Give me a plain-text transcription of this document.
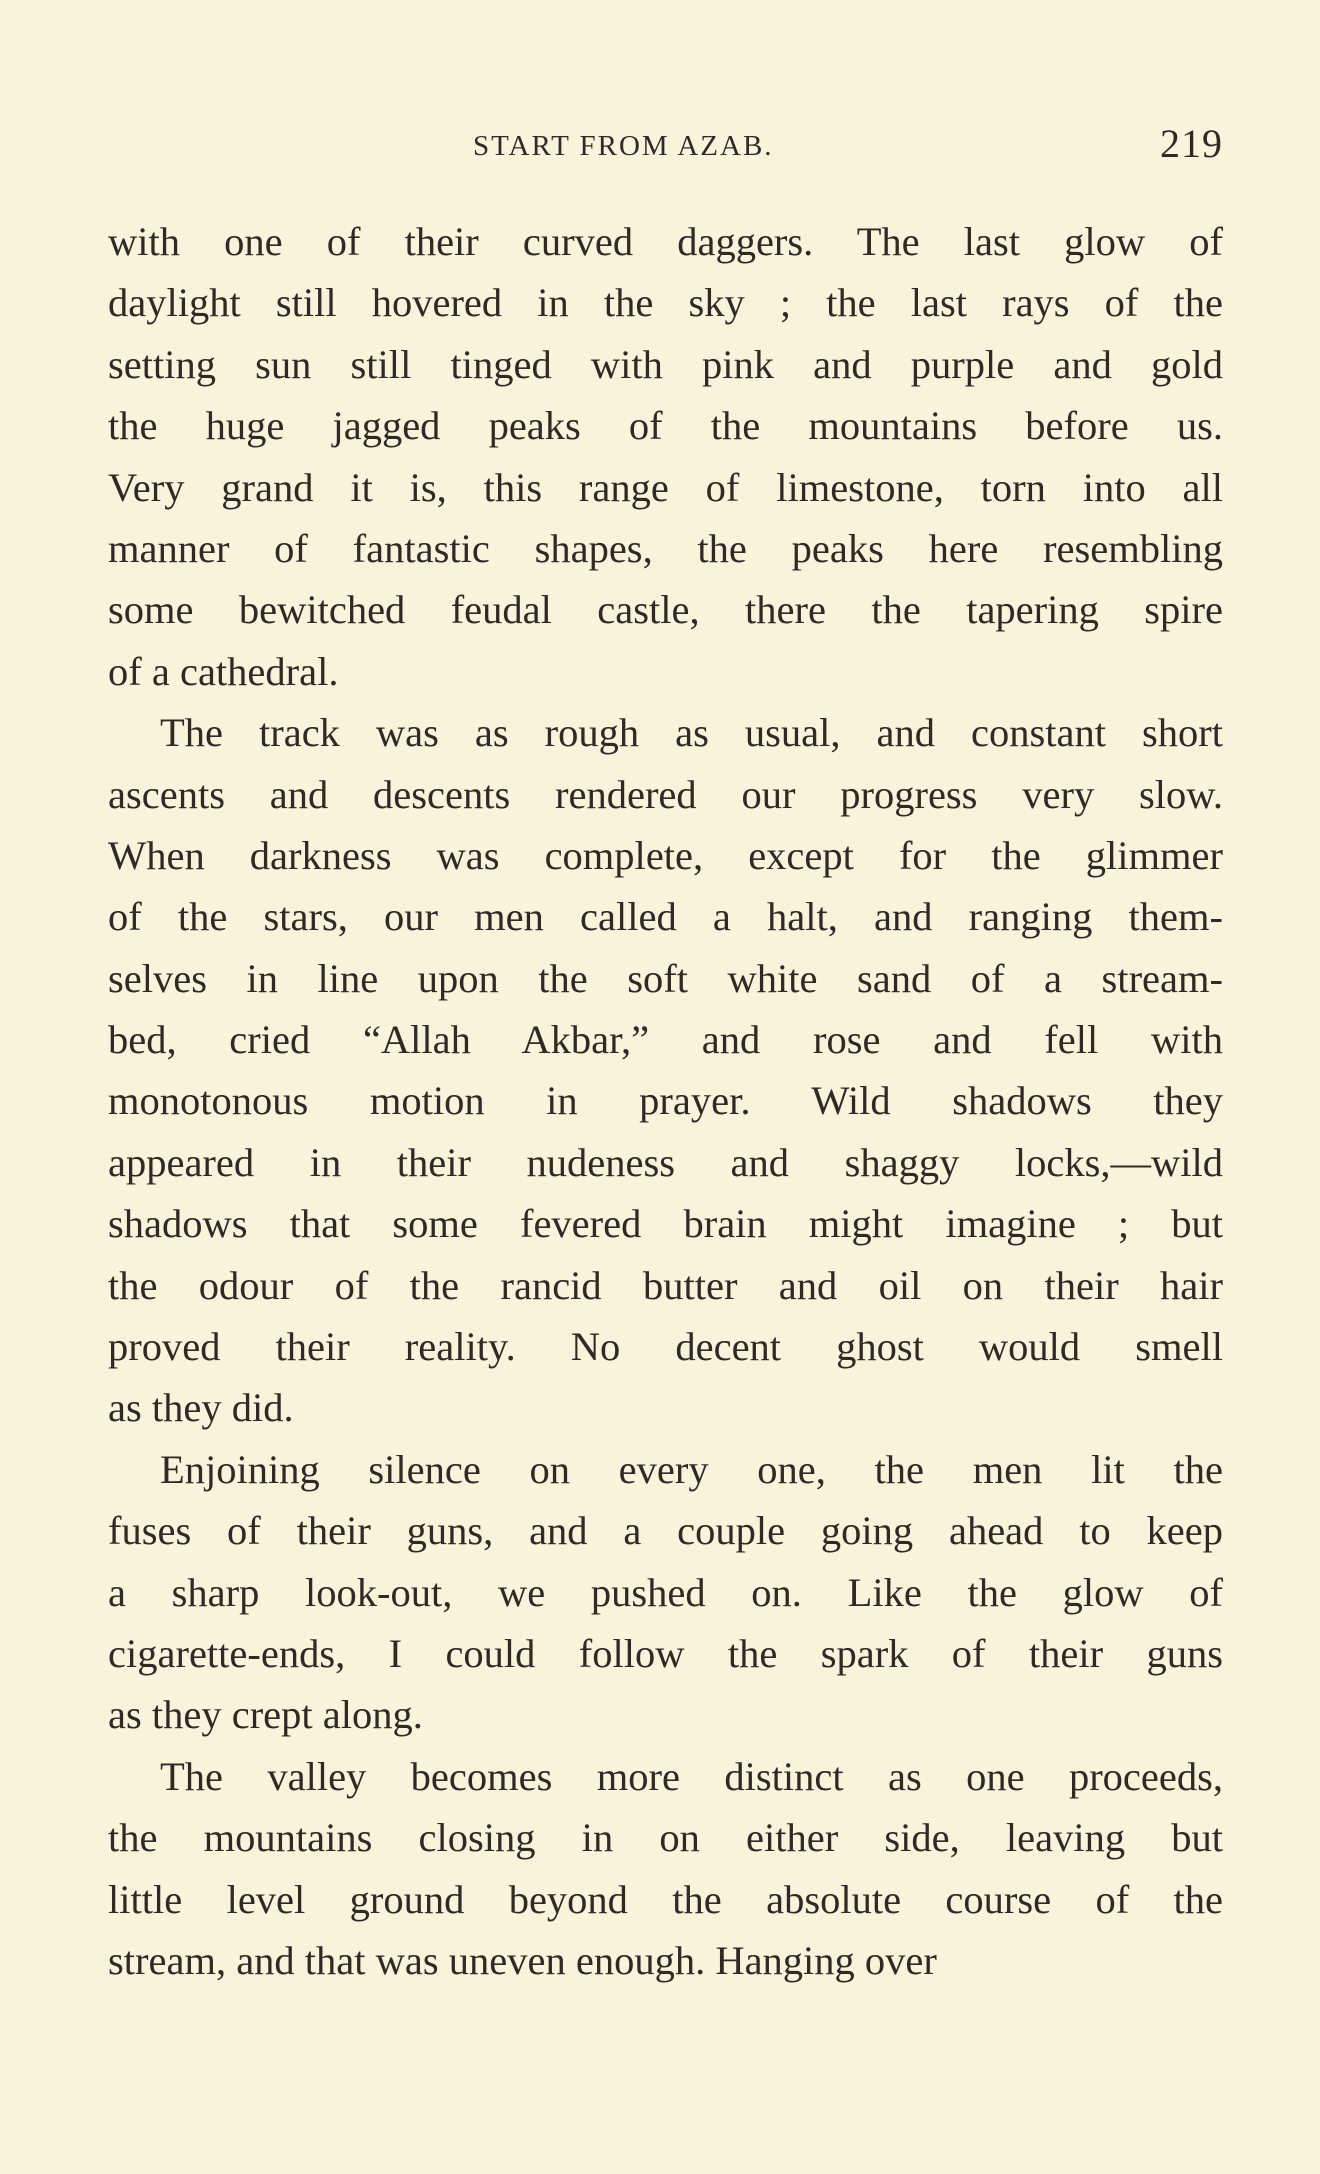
START FROM AZAB.	219
with one of their curved daggers. The last glow of
daylight still hovered in the sky ; the last rays of the
setting sun still tinged with pink and purple and gold
the huge jagged peaks of the mountains before us.
Very grand it is, this range of limestone, torn into all
manner of fantastic shapes, the peaks here resembling
some bewitched feudal castle, there the tapering spire
of a cathedral.
The track was as rough as usual, and constant short
ascents and descents rendered our progress very slow.
When darkness was complete, except for the glimmer
of the stars, our men called a halt, and ranging them-
selves in line upon the soft white sand of a stream-
bed, cried “Allah Akbar,” and rose and fell with
monotonous motion in prayer. Wild shadows they
appeared in their nudeness and shaggy locks,—wild
shadows that some fevered brain might imagine ; but
the odour of the rancid butter and oil on their hair
proved their reality. No decent ghost would smell
as they did.
Enjoining silence on every one, the men lit the
fuses of their guns, and a couple going ahead to keep
a sharp look-out, we pushed on. Like the glow of
cigarette-ends, I could follow the spark of their guns
as they crept along.
The valley becomes more distinct as one proceeds,
the mountains closing in on either side, leaving but
little level ground beyond the absolute course of the
stream, and that was uneven enough. Hanging over
